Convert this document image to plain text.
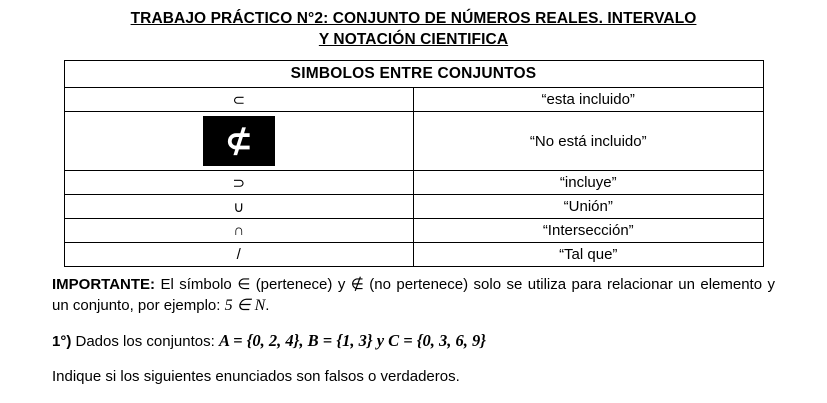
TRABAJO PRÁCTICO N°2: CONJUNTO DE NÚMEROS REALES. INTERVALO
Y NOTACIÓN CIENTIFICA
SIMBOLOS ENTRE CONJUNTOS	
⊂	“esta incluido”
⊄	“No está incluido”
⊃	“incluye”
∪	“Unión”
∩	“Intersección”
/	“Tal que”
IMPORTANTE: El símbolo ∈ (pertenece) y ∉ (no pertenece) solo se utiliza para relacionar un elemento y un conjunto, por ejemplo: 5 ∈ N.
1°) Dados los conjuntos: A = {0, 2, 4}, B = {1, 3} y C = {0, 3, 6, 9}
Indique si los siguientes enunciados son falsos o verdaderos.
